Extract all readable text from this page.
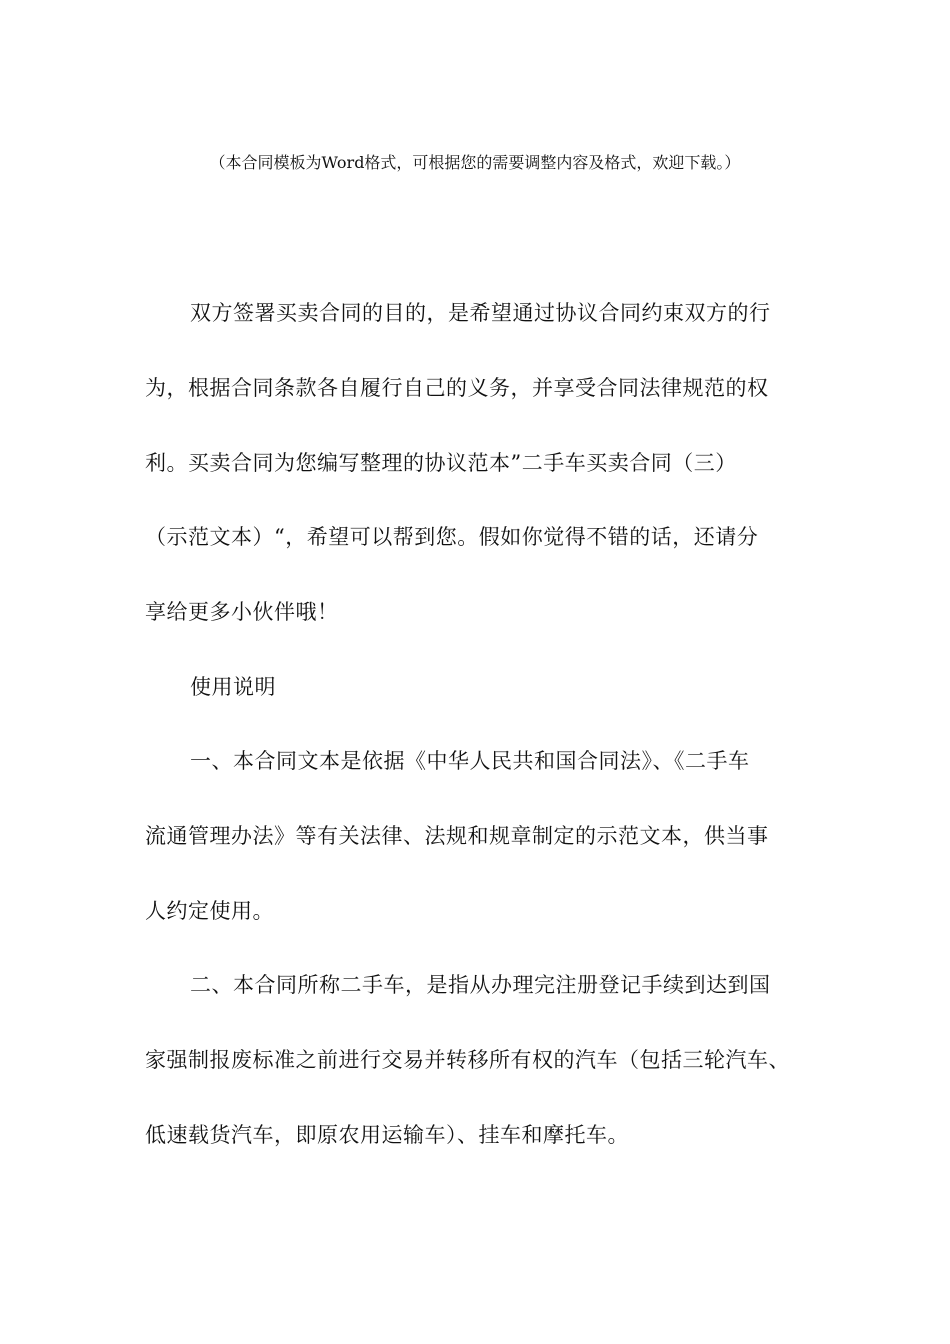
（本合同模板为Word格式，可根据您的需要调整内容及格式，欢迎下载。）
双方签署买卖合同的目的，是希望通过协议合同约束双方的行
为，根据合同条款各自履行自己的义务，并享受合同法律规范的权
利。买卖合同为您编写整理的协议范本”二手车买卖合同（三）
（示范文本）“，希望可以帮到您。假如你觉得不错的话，还请分
享给更多小伙伴哦！
使用说明
一、本合同文本是依据《中华人民共和国合同法》、《二手车
流通管理办法》等有关法律、法规和规章制定的示范文本，供当事
人约定使用。
二、本合同所称二手车，是指从办理完注册登记手续到达到国
家强制报废标准之前进行交易并转移所有权的汽车（包括三轮汽车、
低速载货汽车，即原农用运输车）、挂车和摩托车。
